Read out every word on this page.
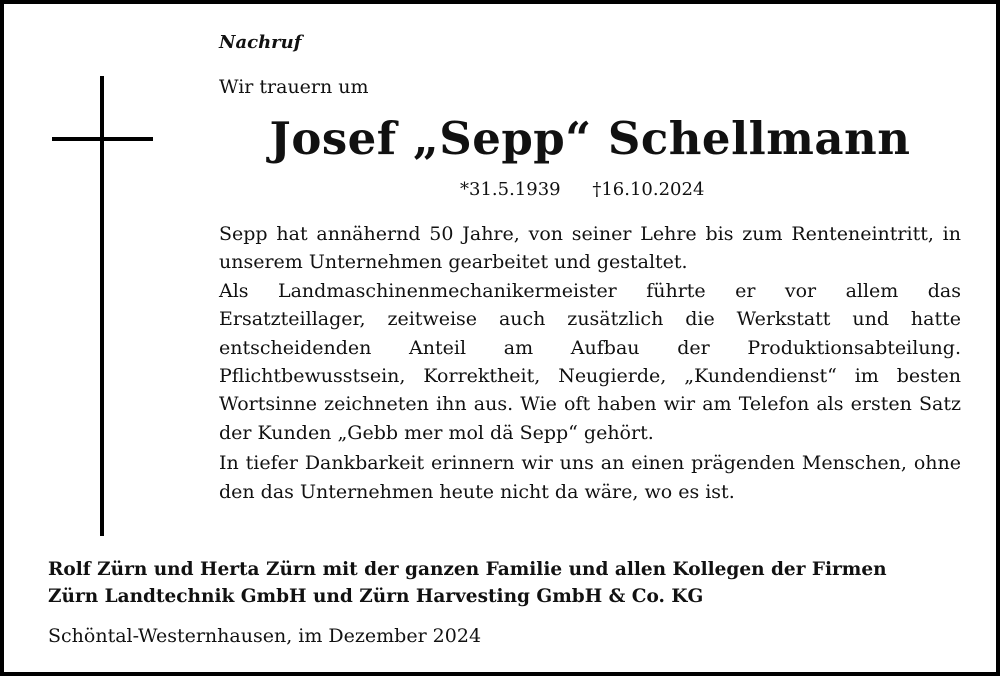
Nachruf
Wir trauern um
Josef „Sepp“ Schellmann
*31.5.1939 †16.10.2024

Sepp hat annähernd 50 Jahre, von seiner Lehre bis zum Renteneintritt, in unserem Unternehmen gearbeitet und gestaltet.

Als Landmaschinenmechanikermeister führte er vor allem das Ersatzteillager, zeitweise auch zusätzlich die Werkstatt und hatte entscheidenden Anteil am Aufbau der Produktionsabteilung. Pflichtbewusstsein, Korrektheit, Neugierde, „Kundendienst“ im besten Wortsinne zeichneten ihn aus. Wie oft haben wir am Telefon als ersten Satz der Kunden „Gebb mer mol dä Sepp“ gehört.

In tiefer Dankbarkeit erinnern wir uns an einen prägenden Menschen, ohne den das Unternehmen heute nicht da wäre, wo es ist.

Rolf Zürn und Herta Zürn mit der ganzen Familie und allen Kollegen der Firmen
Zürn Landtechnik GmbH und Zürn Harvesting GmbH & Co. KG
Schöntal-Westernhausen, im Dezember 2024
